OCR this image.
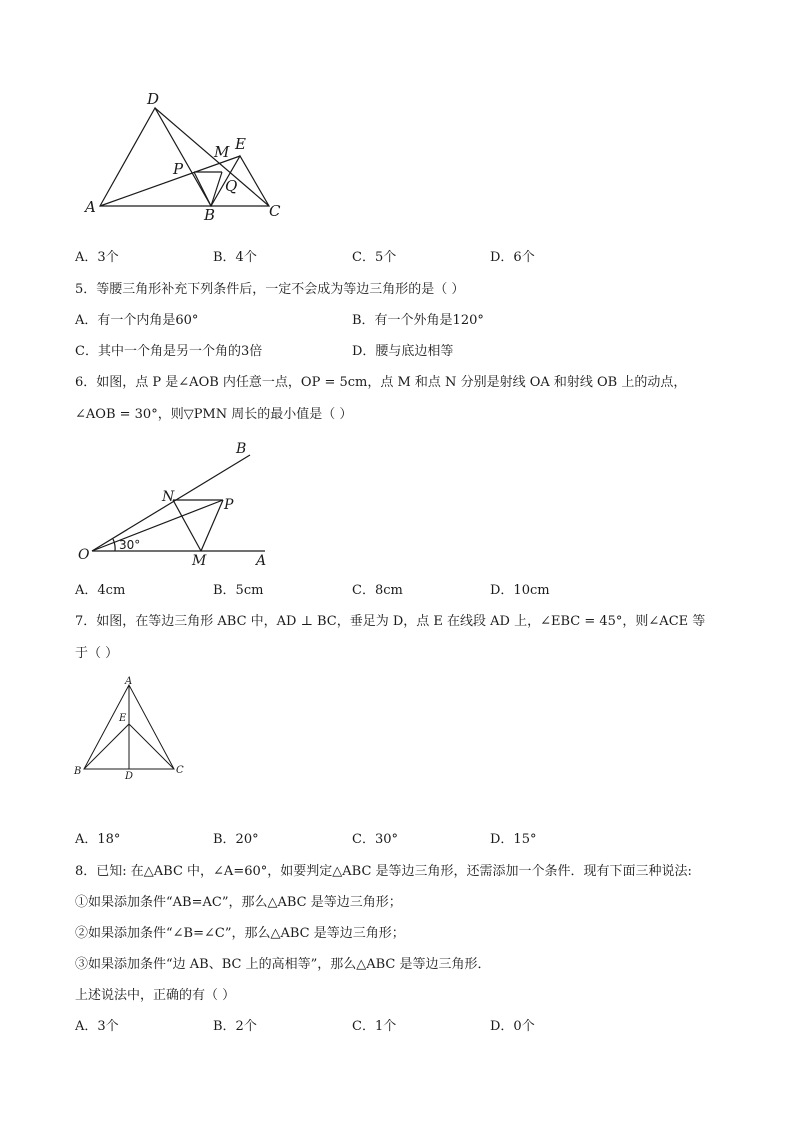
D
E
M
P
Q
A	B	C
A．3个	B．4个	C．5个	D．6个
5．等腰三角形补充下列条件后，一定不会成为等边三角形的是（ ）
A．有一个内角是60°	B．有一个外角是120°
C．其中一个角是另一个角的3倍	D．腰与底边相等
6．如图，点 P 是∠AOB 内任意一点，OP = 5cm，点 M 和点 N 分别是射线 OA 和射线 OB 上的动点，
∠AOB = 30°，则▽PMN 周长的最小值是（ ）
B
N	P
O
30°
M	A
A．4cm	B．5cm	C．8cm	D．10cm
7．如图，在等边三角形 ABC 中，AD ⊥ BC，垂足为 D，点 E 在线段 AD 上，∠EBC = 45°，则∠ACE 等
于（ ）
A
E
B	D
C
A．18°	B．20°	C．30°	D．15°
8．已知: 在△ABC 中，∠A=60°，如要判定△ABC 是等边三角形，还需添加一个条件．现有下面三种说法:
①如果添加条件“AB=AC”，那么△ABC 是等边三角形；
②如果添加条件“∠B=∠C”，那么△ABC 是等边三角形；
③如果添加条件“边 AB、BC 上的高相等”，那么△ABC 是等边三角形．
上述说法中，正确的有（ ）
A．3个	B．2个	C．1个	D．0个
